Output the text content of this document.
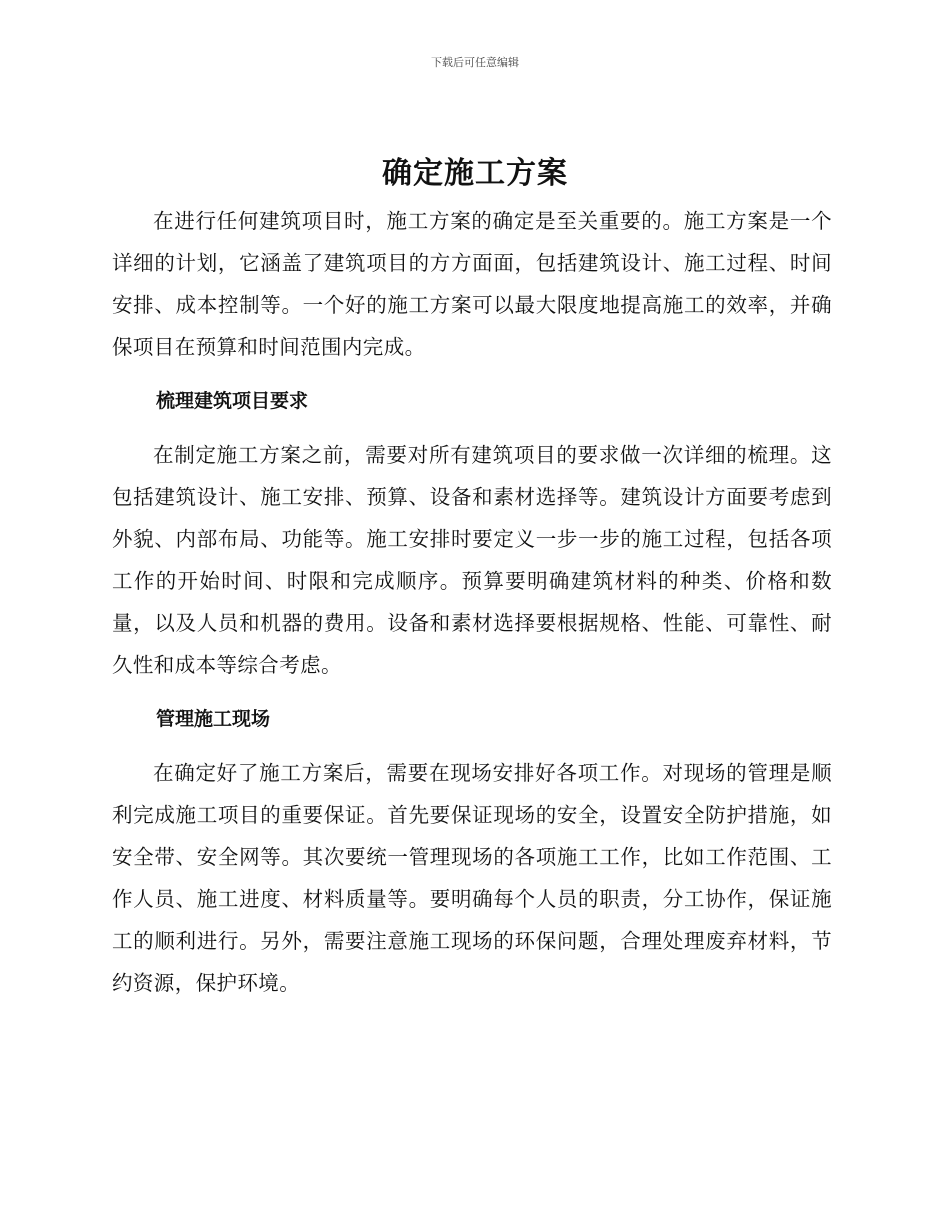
下载后可任意编辑
确定施工方案

在进行任何建筑项目时，施工方案的确定是至关重要的。施工方案是一个详细的计划，它涵盖了建筑项目的方方面面，包括建筑设计、施工过程、时间安排、成本控制等。一个好的施工方案可以最大限度地提高施工的效率，并确保项目在预算和时间范围内完成。

梳理建筑项目要求

在制定施工方案之前，需要对所有建筑项目的要求做一次详细的梳理。这包括建筑设计、施工安排、预算、设备和素材选择等。建筑设计方面要考虑到外貌、内部布局、功能等。施工安排时要定义一步一步的施工过程，包括各项工作的开始时间、时限和完成顺序。预算要明确建筑材料的种类、价格和数量，以及人员和机器的费用。设备和素材选择要根据规格、性能、可靠性、耐久性和成本等综合考虑。

管理施工现场

在确定好了施工方案后，需要在现场安排好各项工作。对现场的管理是顺利完成施工项目的重要保证。首先要保证现场的安全，设置安全防护措施，如安全带、安全网等。其次要统一管理现场的各项施工工作，比如工作范围、工作人员、施工进度、材料质量等。要明确每个人员的职责，分工协作，保证施工的顺利进行。另外，需要注意施工现场的环保问题，合理处理废弃材料，节约资源，保护环境。
